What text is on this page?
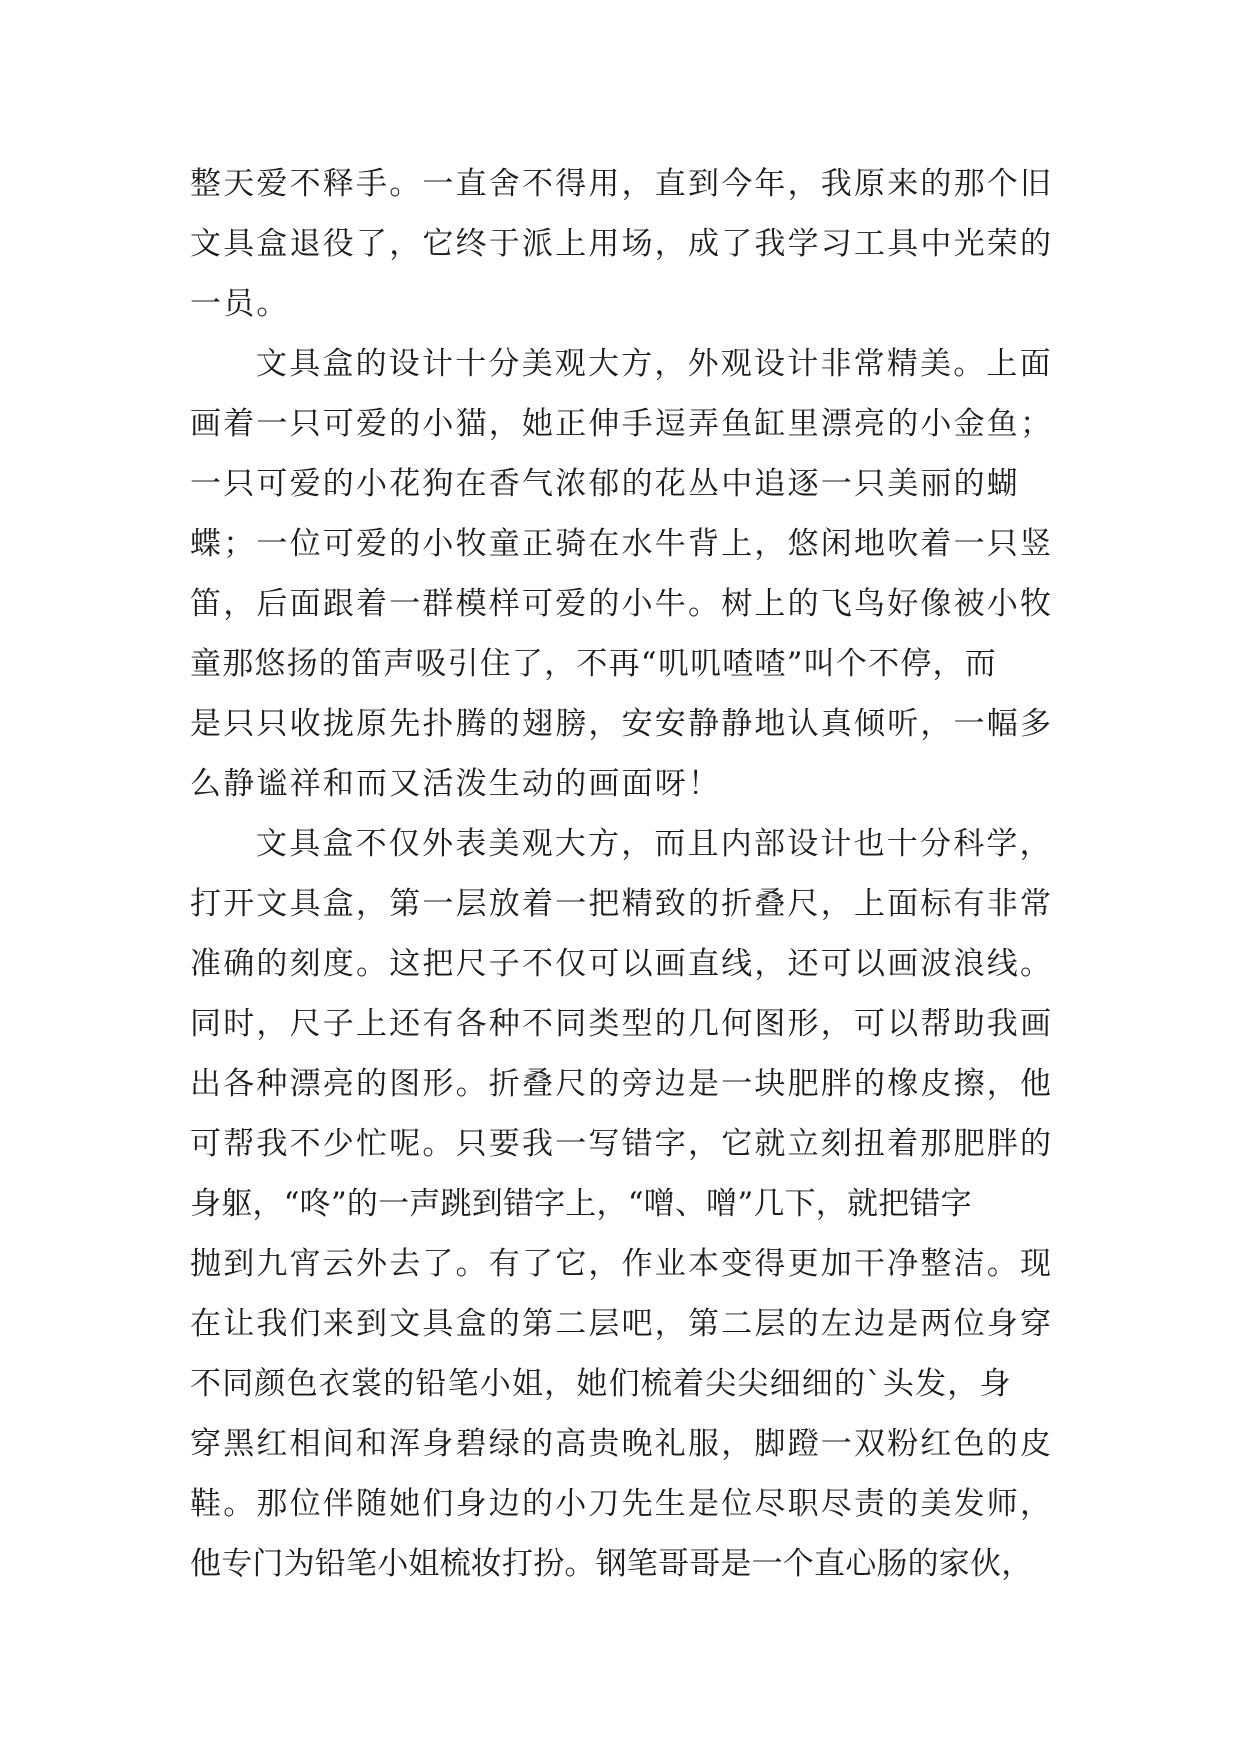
整天爱不释手。一直舍不得用，直到今年，我原来的那个旧
文具盒退役了，它终于派上用场，成了我学习工具中光荣的
一员。
文具盒的设计十分美观大方，外观设计非常精美。上面
画着一只可爱的小猫，她正伸手逗弄鱼缸里漂亮的小金鱼；
一只可爱的小花狗在香气浓郁的花丛中追逐一只美丽的蝴
蝶；一位可爱的小牧童正骑在水牛背上，悠闲地吹着一只竖
笛，后面跟着一群模样可爱的小牛。树上的飞鸟好像被小牧
童那悠扬的笛声吸引住了，不再“叽叽喳喳”叫个不停，而
是只只收拢原先扑腾的翅膀，安安静静地认真倾听，一幅多
么静谧祥和而又活泼生动的画面呀！
文具盒不仅外表美观大方，而且内部设计也十分科学，
打开文具盒，第一层放着一把精致的折叠尺，上面标有非常
准确的刻度。这把尺子不仅可以画直线，还可以画波浪线。
同时，尺子上还有各种不同类型的几何图形，可以帮助我画
出各种漂亮的图形。折叠尺的旁边是一块肥胖的橡皮擦，他
可帮我不少忙呢。只要我一写错字，它就立刻扭着那肥胖的
身躯，“咚”的一声跳到错字上，“噌、噌”几下，就把错字
抛到九宵云外去了。有了它，作业本变得更加干净整洁。现
在让我们来到文具盒的第二层吧，第二层的左边是两位身穿
不同颜色衣裳的铅笔小姐，她们梳着尖尖细细的`头发，身
穿黑红相间和浑身碧绿的高贵晚礼服，脚蹬一双粉红色的皮
鞋。那位伴随她们身边的小刀先生是位尽职尽责的美发师，
他专门为铅笔小姐梳妆打扮。钢笔哥哥是一个直心肠的家伙，
